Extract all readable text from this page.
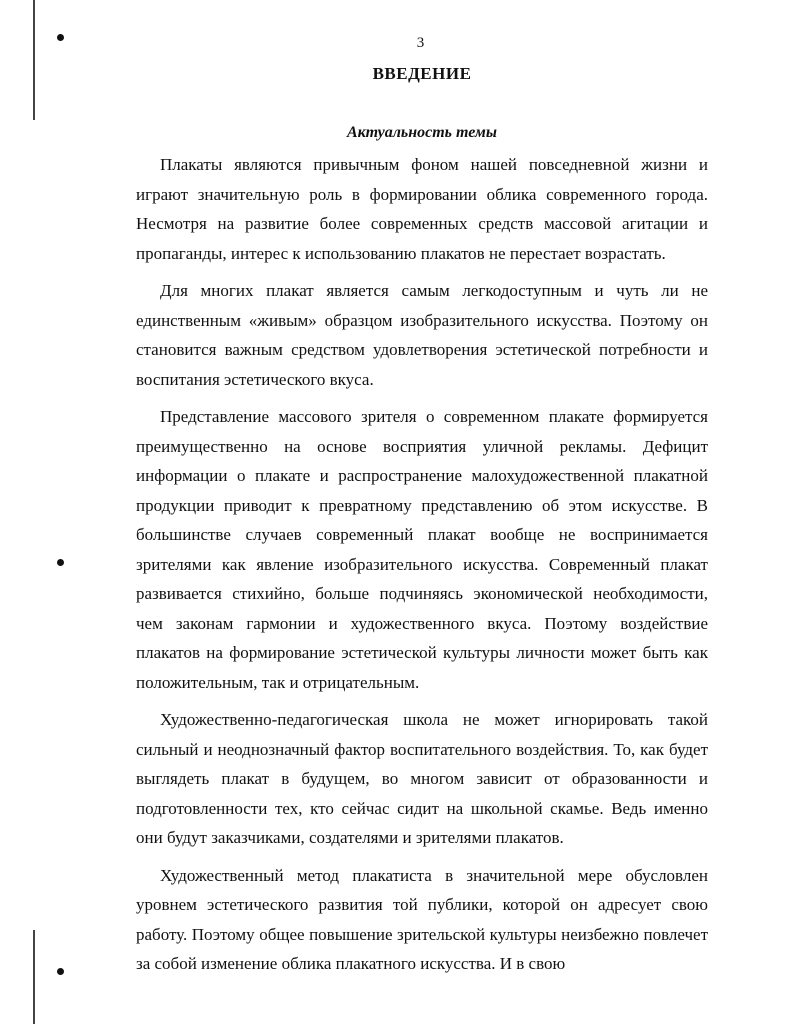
3
ВВЕДЕНИЕ
Актуальность темы

Плакаты являются привычным фоном нашей повседневной жизни и играют значительную роль в формировании облика современного города. Несмотря на развитие более современных средств массовой агитации и пропаганды, интерес к использованию плакатов не перестает возрастать.

Для многих плакат является самым легкодоступным и чуть ли не единственным «живым» образцом изобразительного искусства. Поэтому он становится важным средством удовлетворения эстетической потребности и воспитания эстетического вкуса.

Представление массового зрителя о современном плакате формируется преимущественно на основе восприятия уличной рекламы. Дефицит информации о плакате и распространение малохудожественной плакатной продукции приводит к превратному представлению об этом искусстве. В большинстве случаев современный плакат вообще не воспринимается зрителями как явление изобразительного искусства. Современный плакат развивается стихийно, больше подчиняясь экономической необходимости, чем законам гармонии и художественного вкуса. Поэтому воздействие плакатов на формирование эстетической культуры личности может быть как положительным, так и отрицательным.

Художественно-педагогическая школа не может игнорировать такой сильный и неоднозначный фактор воспитательного воздействия. То, как будет выглядеть плакат в будущем, во многом зависит от образованности и подготовленности тех, кто сейчас сидит на школьной скамье. Ведь именно они будут заказчиками, создателями и зрителями плакатов.

Художественный метод плакатиста в значительной мере обусловлен уровнем эстетического развития той публики, которой он адресует свою работу. Поэтому общее повышение зрительской культуры неизбежно повлечет за собой изменение облика плакатного искусства. И в свою
